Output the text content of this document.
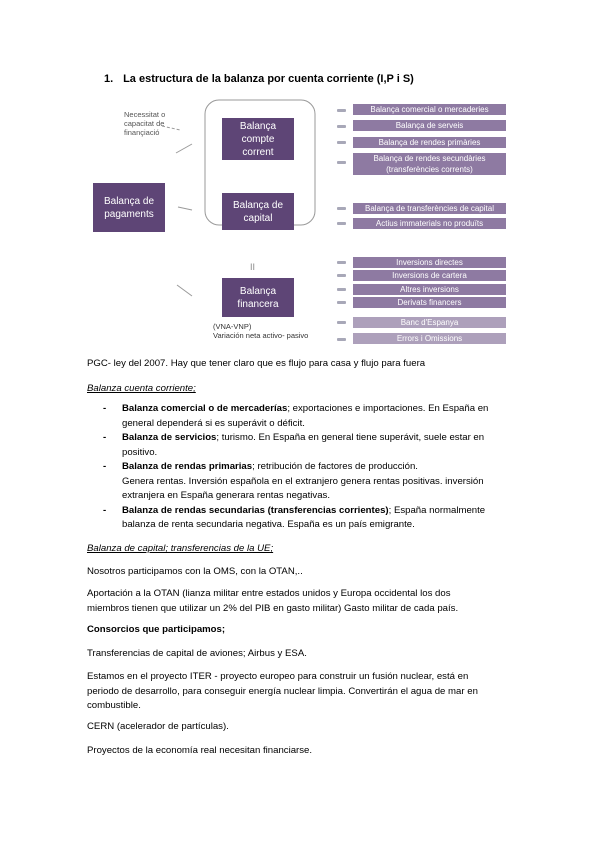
1. La estructura de la balanza por cuenta corriente (I,P i S)
Necessitat o
capacitat de
finançiació
Balança de
pagaments
Balança
compte
corrent
Balança de
capital
II
Balança
financera
(VNA-VNP)
Variación neta activo- pasivo
Balança comercial o mercaderies
Balança de serveis
Balança de rendes primàries
Balança de rendes secundàries
(transferències corrents)
Balança de transferències de capital
Actius immaterials no produïts
Inversions directes
Inversions de cartera
Altres inversions
Derivats financers
Banc d'Espanya
Errors i Omissions
PGC- ley del 2007. Hay que tener claro que es flujo para casa y flujo para fuera
Balanza cuenta corriente;
- Balanza comercial o de mercaderías; exportaciones e importaciones. En España en
general dependerá si es superávit o déficit.
- Balanza de servicios; turismo. En España en general tiene superávit, suele estar en
positivo.
- Balanza de rendas primarias; retribución de factores de producción.
Genera rentas. Inversión española en el extranjero genera rentas positivas. inversión
extranjera en España generara rentas negativas.
- Balanza de rendas secundarias (transferencias corrientes); España normalmente
balanza de renta secundaria negativa. España es un país emigrante.
Balanza de capital; transferencias de la UE;
Nosotros participamos con la OMS, con la OTAN,..
Aportación a la OTAN (lianza militar entre estados unidos y Europa occidental los dos
miembros tienen que utilizar un 2% del PIB en gasto militar) Gasto militar de cada país.
Consorcios que participamos;
Transferencias de capital de aviones; Airbus y ESA.
Estamos en el proyecto ITER - proyecto europeo para construir un fusión nuclear, está en
periodo de desarrollo, para conseguir energía nuclear limpia. Convertirán el agua de mar en
combustible.
CERN (acelerador de partículas).
Proyectos de la economía real necesitan financiarse.
